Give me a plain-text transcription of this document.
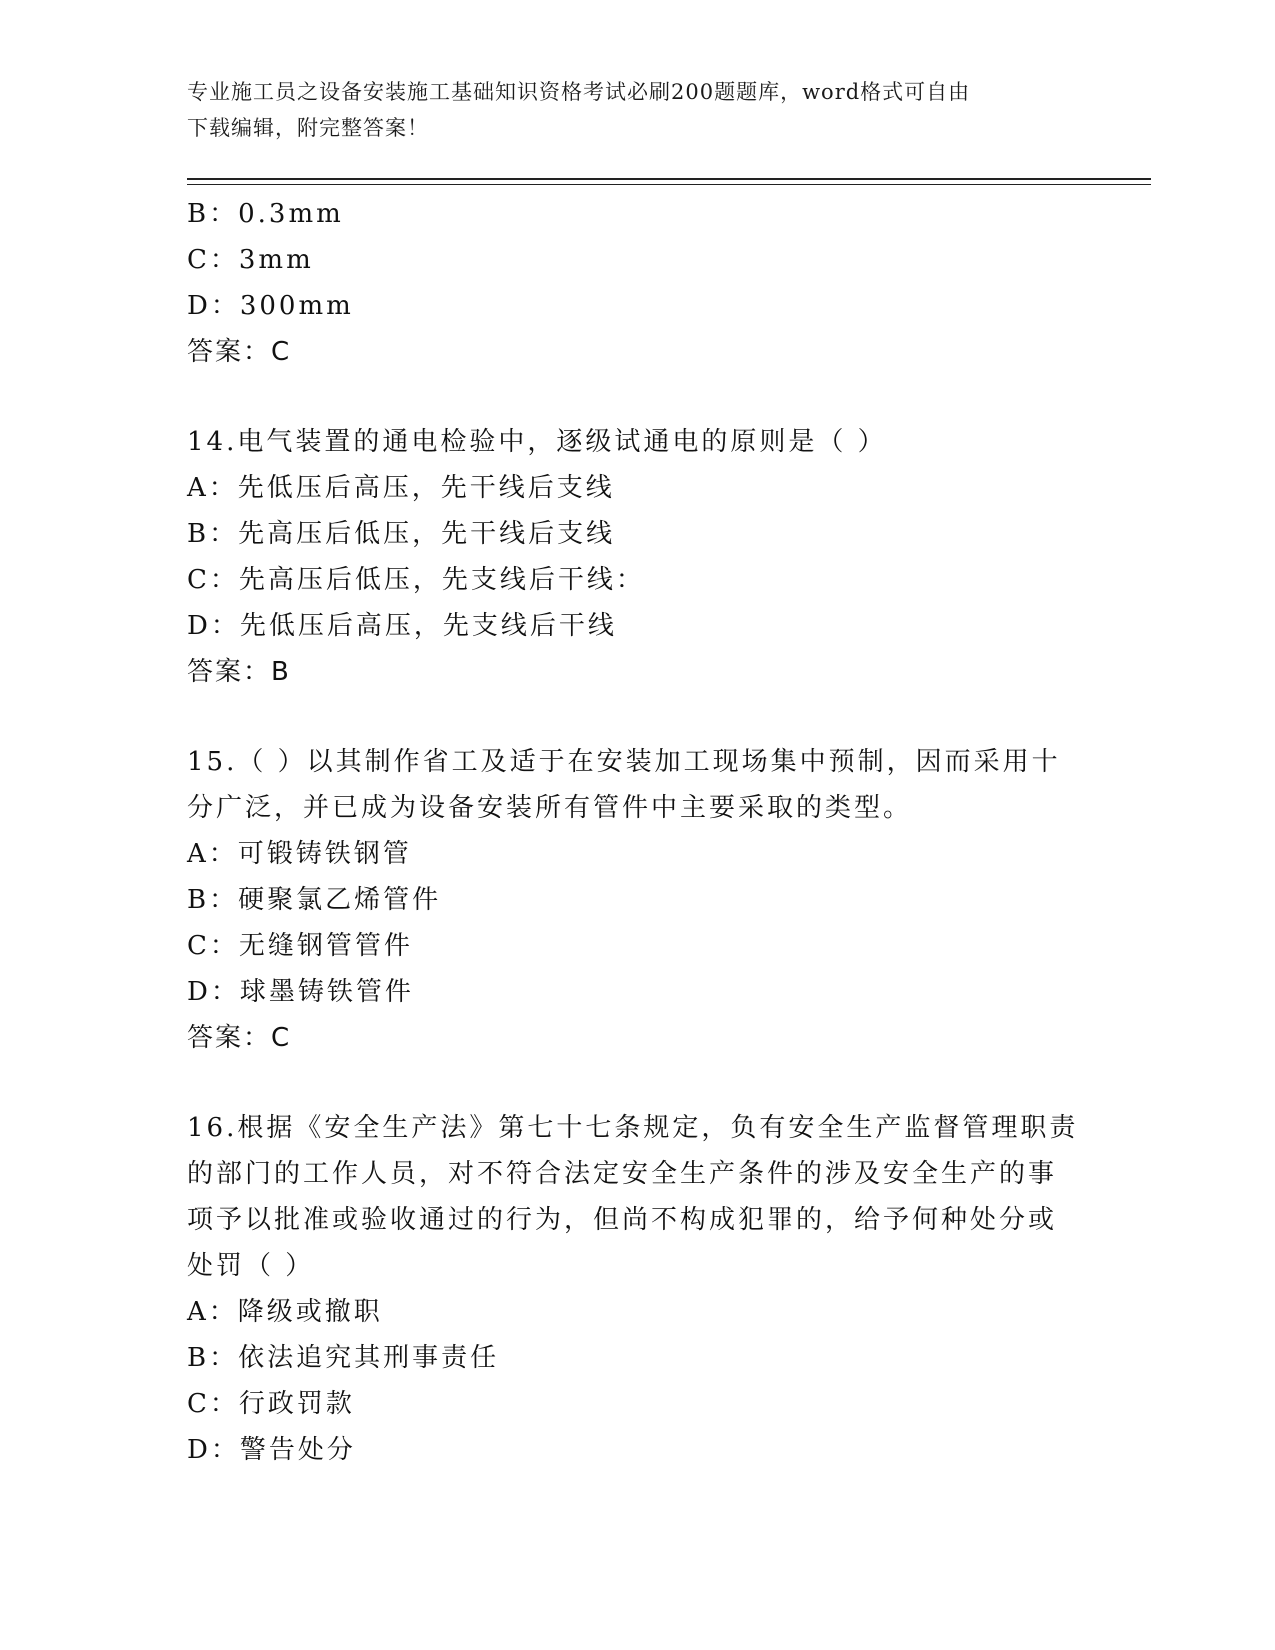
专业施工员之设备安装施工基础知识资格考试必刷200题题库，word格式可自由
下载编辑，附完整答案！
B：0.3mm
C：3mm
D：300mm
答案：C
14.电气装置的通电检验中，逐级试通电的原则是（ ）
A：先低压后高压，先干线后支线
B：先高压后低压，先干线后支线
C：先高压后低压，先支线后干线：
D：先低压后高压，先支线后干线
答案：B
15.（ ）以其制作省工及适于在安装加工现场集中预制，因而采用十
分广泛，并已成为设备安装所有管件中主要采取的类型。
A：可锻铸铁钢管
B：硬聚氯乙烯管件
C：无缝钢管管件
D：球墨铸铁管件
答案：C
16.根据《安全生产法》第七十七条规定，负有安全生产监督管理职责
的部门的工作人员，对不符合法定安全生产条件的涉及安全生产的事
项予以批准或验收通过的行为，但尚不构成犯罪的，给予何种处分或
处罚（ ）
A：降级或撤职
B：依法追究其刑事责任
C：行政罚款
D：警告处分
